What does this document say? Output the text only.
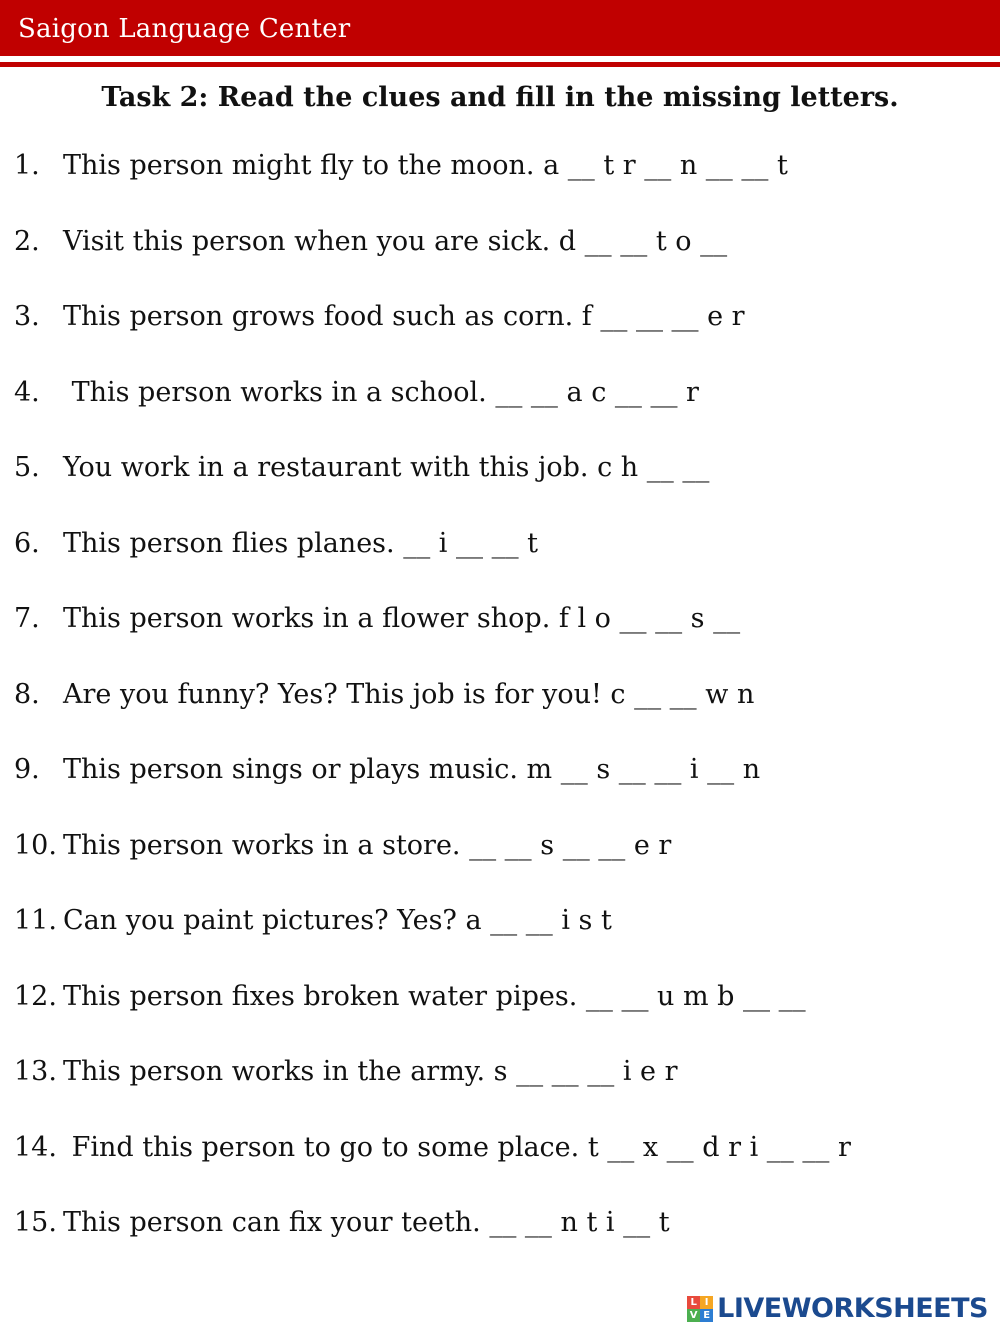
Saigon Language Center
Task 2: Read the clues and fill in the missing letters.
1. This person might fly to the moon. a __ t r __ n __ __ t
2. Visit this person when you are sick. d __ __ t o __
3. This person grows food such as corn. f __ __ __ e r
4. This person works in a school. __ __ a c __ __ r
5. You work in a restaurant with this job. c h __ __
6. This person flies planes. __ i __ __ t
7. This person works in a flower shop. f l o __ __ s __
8. Are you funny? Yes? This job is for you! c __ __ w n
9. This person sings or plays music. m __ s __ __ i __ n
10. This person works in a store. __ __ s __ __ e r
11. Can you paint pictures? Yes? a __ __ i s t
12. This person fixes broken water pipes. __ __ u m b __ __
13. This person works in the army. s __ __ __ i e r
14. Find this person to go to some place. t __ x __ d r i __ __ r
15. This person can fix your teeth. __ __ n t i __ t
L I
V E LIVEWORKSHEETS
